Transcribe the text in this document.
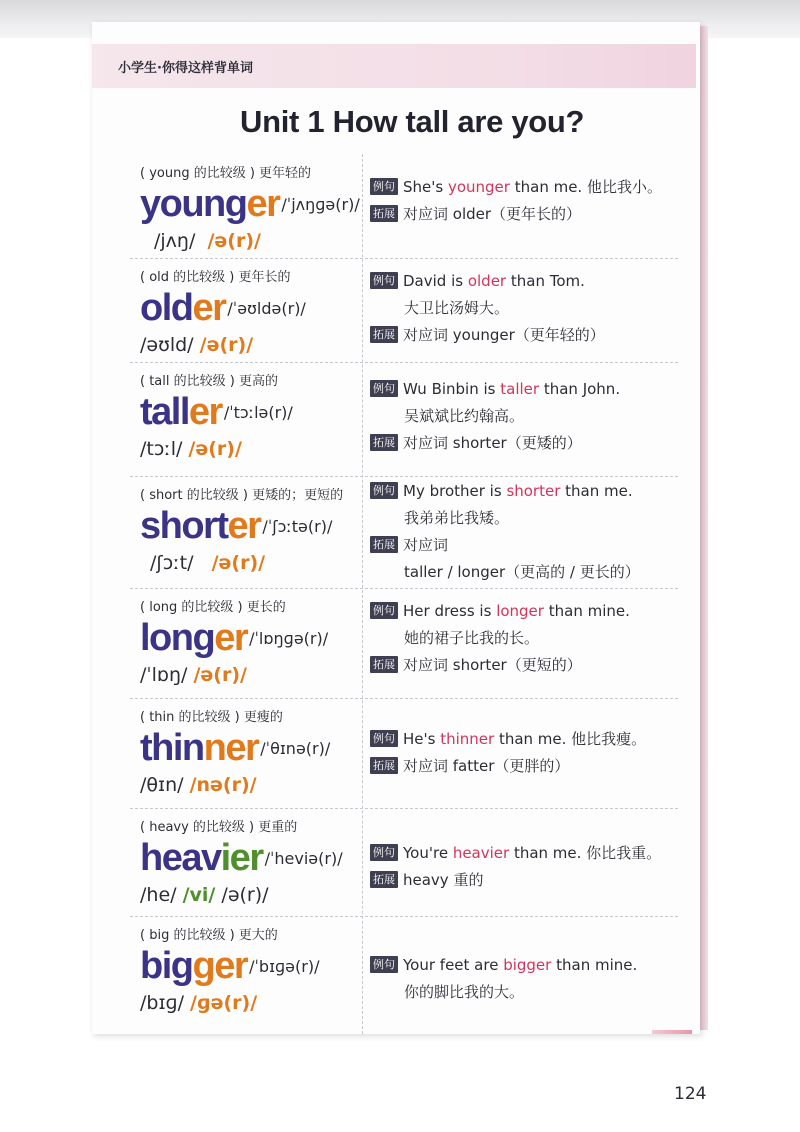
小学生·你得这样背单词
Unit 1 How tall are you?
( young 的比较级 ) 更年轻的
younger /ˈjʌŋɡə(r)/
/jʌŋ/ /ə(r)/
例句 She's younger than me. 他比我小。
拓展 对应词 older（更年长的）
( old 的比较级 ) 更年长的
older /ˈəʊldə(r)/
/əʊld/ /ə(r)/
例句 David is older than Tom.
大卫比汤姆大。
拓展 对应词 younger（更年轻的）
( tall 的比较级 ) 更高的
taller /ˈtɔːlə(r)/
/tɔːl/ /ə(r)/
例句 Wu Binbin is taller than John.
吴斌斌比约翰高。
拓展 对应词 shorter（更矮的）
( short 的比较级 ) 更矮的；更短的
shorter /ˈʃɔːtə(r)/
/ʃɔːt/ /ə(r)/
例句 My brother is shorter than me.
我弟弟比我矮。
拓展 对应词
taller / longer（更高的 / 更长的）
( long 的比较级 ) 更长的
longer /ˈlɒŋɡə(r)/
/ˈlɒŋ/ /ə(r)/
例句 Her dress is longer than mine.
她的裙子比我的长。
拓展 对应词 shorter（更短的）
( thin 的比较级 ) 更瘦的
thinner /ˈθɪnə(r)/
/θɪn/ /nə(r)/
例句 He's thinner than me. 他比我瘦。
拓展 对应词 fatter（更胖的）
( heavy 的比较级 ) 更重的
heavier /ˈheviə(r)/
/he/ /vi/ /ə(r)/
例句 You're heavier than me. 你比我重。
拓展 heavy 重的
( big 的比较级 ) 更大的
bigger /ˈbɪɡə(r)/
/bɪɡ/ /ɡə(r)/
例句 Your feet are bigger than mine.
你的脚比我的大。
124
